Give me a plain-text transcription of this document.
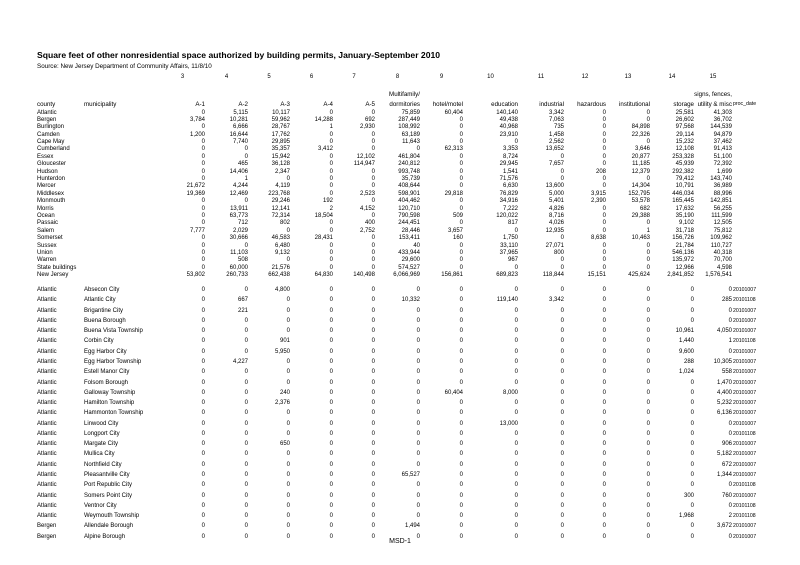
Square feet of other nonresidential space authorized by building permits, January-September 2010
Source: New Jersey Department of Community Affairs, 11/8/10
3	4	5	6	7	8	9	10	11	12	13	14	15
Multifamily/	signs, fences,
county	municipality	A-1	A-2	A-3	A-4	A-5	dormitories	hotel/motel	education	industrial	hazardous	institutional	storage utility & misc proc_date
Atlantic	0	5,115	10,117	0	0	75,859	60,404	140,140	3,342	0	0	25,581	41,303
Bergen	3,784	10,281	59,962	14,288	692	287,449	0	49,438	7,063	0	0	26,602	36,702
Burlington	0	6,666	28,767	1	2,930	108,992	0	40,968	735	0	84,898	97,568	144,539
Camden	1,200	16,644	17,762	0	0	63,189	0	23,910	1,458	0	22,326	29,114	94,879
Cape May	0	7,740	29,895	0	0	11,643	0	0	2,562	0	0	15,232	37,462
Cumberland	0	0	35,357	3,412	0	0	62,313	3,353	13,652	0	3,646	12,108	91,413
Essex	0	0	15,942	0	12,102	461,804	0	8,724	0	0	20,877	253,328	51,100
Gloucester	0	465	36,128	0	114,947	240,812	0	29,945	7,657	0	11,185	45,939	72,392
Hudson	0	14,406	2,347	0	0	993,748	0	1,541	0	208	12,379	292,382	1,699
Hunterdon	0	1	0	0	0	35,739	0	71,576	0	0	0	79,412	143,740
Mercer	21,672	4,244	4,119	0	0	408,644	0	6,630	13,600	0	14,304	10,791	36,989
Middlesex	19,369	12,469	223,768	0	2,523	598,901	29,818	76,829	5,000	3,915	152,795	446,034	88,996
Monmouth	0	0	29,246	192	0	404,462	0	34,916	5,401	2,390	53,578	165,445	142,851
Morris	0	13,911	12,141	2	4,152	120,710	0	7,222	4,826	0	682	17,632	56,255
Ocean	0	63,773	72,314	18,504	0	790,598	509	120,022	8,716	0	29,388	35,190	111,599
Passaic	0	712	802	0	400	244,451	0	817	4,026	0	0	9,102	12,505
Salem	7,777	2,029	0	0	2,752	28,446	3,657	0	12,935	0	1	31,718	75,812
Somerset	0	30,666	46,583	28,431	0	153,411	160	1,750	0	8,638	10,463	156,726	109,962
Sussex	0	0	6,480	0	0	40	0	33,110	27,071	0	0	21,784	110,727
Union	0	11,103	9,132	0	0	433,944	0	37,965	800	0	0	546,136	40,318
Warren	0	508	0	0	0	29,600	0	967	0	0	0	135,972	70,700
State buildings	0	60,000	21,576	0	0	574,527	0	0	0	0	0	12,966	4,598
New Jersey	53,802	260,733	662,438	64,830	140,498	6,066,969	156,861	689,823	118,844	15,151	425,624	2,841,852	1,576,541
Atlantic	Absecon City	0	0	4,800	0	0	0	0	0	0	0	0	0	0 20101007
Atlantic	Atlantic City	0	667	0	0	0	10,332	0	119,140	3,342	0	0	0	285 20101108
Atlantic	Brigantine City	0	221	0	0	0	0	0	0	0	0	0	0	0 20101007
Atlantic	Buena Borough	0	0	0	0	0	0	0	0	0	0	0	0	0 20101007
Atlantic	Buena Vista Township	0	0	0	0	0	0	0	0	0	0	0	10,961	4,050 20101007
Atlantic	Corbin City	0	0	901	0	0	0	0	0	0	0	0	1,440	1 20101108
Atlantic	Egg Harbor City	0	0	5,950	0	0	0	0	0	0	0	0	9,600	0 20101007
Atlantic	Egg Harbor Township	0	4,227	0	0	0	0	0	0	0	0	0	288	10,305 20101007
Atlantic	Estell Manor City	0	0	0	0	0	0	0	0	0	0	0	1,024	558 20101007
Atlantic	Folsom Borough	0	0	0	0	0	0	0	0	0	0	0	0	1,470 20101007
Atlantic	Galloway Township	0	0	240	0	0	0	60,404	8,000	0	0	0	0	4,400 20101007
Atlantic	Hamilton Township	0	0	2,376	0	0	0	0	0	0	0	0	0	5,232 20101007
Atlantic	Hammonton Township	0	0	0	0	0	0	0	0	0	0	0	0	6,136 20101007
Atlantic	Linwood City	0	0	0	0	0	0	0	13,000	0	0	0	0	0 20101007
Atlantic	Longport City	0	0	0	0	0	0	0	0	0	0	0	0	0 20101108
Atlantic	Margate City	0	0	650	0	0	0	0	0	0	0	0	0	906 20101007
Atlantic	Mullica City	0	0	0	0	0	0	0	0	0	0	0	0	5,182 20101007
Atlantic	Northfield City	0	0	0	0	0	0	0	0	0	0	0	0	672 20101007
Atlantic	Pleasantville City	0	0	0	0	0	65,527	0	0	0	0	0	0	1,344 20101007
Atlantic	Port Republic City	0	0	0	0	0	0	0	0	0	0	0	0	0 20101108
Atlantic	Somers Point City	0	0	0	0	0	0	0	0	0	0	0	300	760 20101007
Atlantic	Ventnor City	0	0	0	0	0	0	0	0	0	0	0	0	0 20101108
Atlantic	Weymouth Township	0	0	0	0	0	0	0	0	0	0	0	1,968	2 20101108
Bergen	Allendale Borough	0	0	0	0	0	1,494	0	0	0	0	0	0	3,672 20101007
Bergen	Alpine Borough	0	0	0	0	0	0	0	0	0	0	0	0	0 20101007
MSD-1
